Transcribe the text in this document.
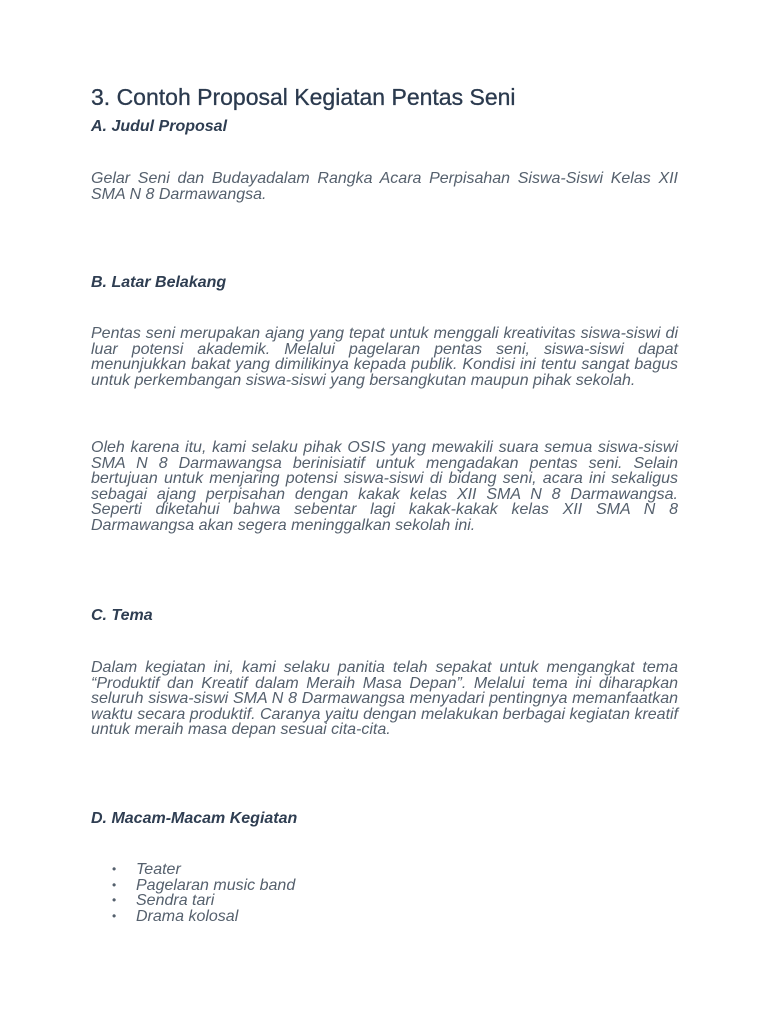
3. Contoh Proposal Kegiatan Pentas Seni
A. Judul Proposal

Gelar Seni dan Budayadalam Rangka Acara Perpisahan Siswa-Siswi Kelas XII SMA N 8 Darmawangsa.

B. Latar Belakang

Pentas seni merupakan ajang yang tepat untuk menggali kreativitas siswa-siswi di luar potensi akademik. Melalui pagelaran pentas seni, siswa-siswi dapat menunjukkan bakat yang dimilikinya kepada publik. Kondisi ini tentu sangat bagus untuk perkembangan siswa-siswi yang bersangkutan maupun pihak sekolah.

Oleh karena itu, kami selaku pihak OSIS yang mewakili suara semua siswa-siswi SMA N 8 Darmawangsa berinisiatif untuk mengadakan pentas seni. Selain bertujuan untuk menjaring potensi siswa-siswi di bidang seni, acara ini sekaligus sebagai ajang perpisahan dengan kakak kelas XII SMA N 8 Darmawangsa. Seperti diketahui bahwa sebentar lagi kakak-kakak kelas XII SMA N 8 Darmawangsa akan segera meninggalkan sekolah ini.

C. Tema

Dalam kegiatan ini, kami selaku panitia telah sepakat untuk mengangkat tema “Produktif dan Kreatif dalam Meraih Masa Depan”. Melalui tema ini diharapkan seluruh siswa-siswi SMA N 8 Darmawangsa menyadari pentingnya memanfaatkan waktu secara produktif. Caranya yaitu dengan melakukan berbagai kegiatan kreatif untuk meraih masa depan sesuai cita-cita.

D. Macam-Macam Kegiatan
• Teater
• Pagelaran music band
• Sendra tari
• Drama kolosal
